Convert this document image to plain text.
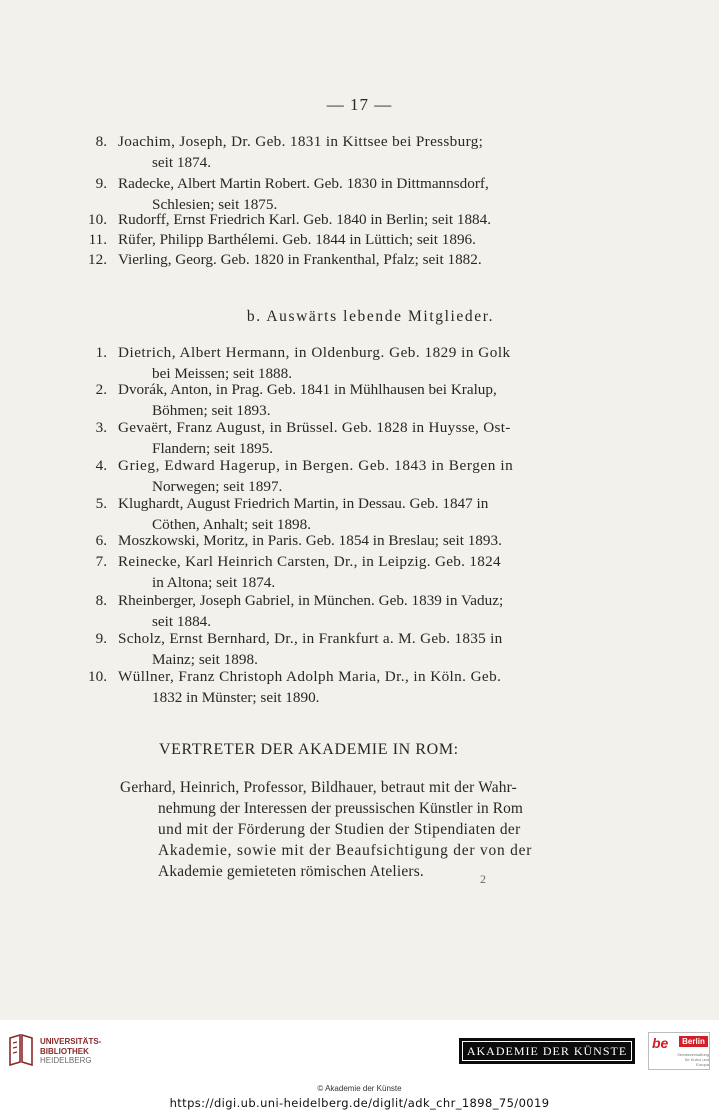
— 17 —
8. Joachim, Joseph, Dr. Geb. 1831 in Kittsee bei Pressburg;
seit 1874.
9. Radecke, Albert Martin Robert. Geb. 1830 in Dittmannsdorf,
Schlesien; seit 1875.
10. Rudorff, Ernst Friedrich Karl. Geb. 1840 in Berlin; seit 1884.
11. Rüfer, Philipp Barthélemi. Geb. 1844 in Lüttich; seit 1896.
12. Vierling, Georg. Geb. 1820 in Frankenthal, Pfalz; seit 1882.
b. Auswärts lebende Mitglieder.
1. Dietrich, Albert Hermann, in Oldenburg. Geb. 1829 in Golk
bei Meissen; seit 1888.
2. Dvorák, Anton, in Prag. Geb. 1841 in Mühlhausen bei Kralup,
Böhmen; seit 1893.
3. Gevaërt, Franz August, in Brüssel. Geb. 1828 in Huysse, Ost-
Flandern; seit 1895.
4. Grieg, Edward Hagerup, in Bergen. Geb. 1843 in Bergen in
Norwegen; seit 1897.
5. Klughardt, August Friedrich Martin, in Dessau. Geb. 1847 in
Cöthen, Anhalt; seit 1898.
6. Moszkowski, Moritz, in Paris. Geb. 1854 in Breslau; seit 1893.
7. Reinecke, Karl Heinrich Carsten, Dr., in Leipzig. Geb. 1824
in Altona; seit 1874.
8. Rheinberger, Joseph Gabriel, in München. Geb. 1839 in Vaduz;
seit 1884.
9. Scholz, Ernst Bernhard, Dr., in Frankfurt a. M. Geb. 1835 in
Mainz; seit 1898.
10. Wüllner, Franz Christoph Adolph Maria, Dr., in Köln. Geb.
1832 in Münster; seit 1890.
VERTRETER DER AKADEMIE IN ROM:
Gerhard, Heinrich, Professor, Bildhauer, betraut mit der Wahr-
nehmung der Interessen der preussischen Künstler in Rom
und mit der Förderung der Studien der Stipendiaten der
Akademie, sowie mit der Beaufsichtigung der von der
Akademie gemieteten römischen Ateliers.	2
UNIVERSITÄTS-
BIBLIOTHEK
HEIDELBERG
AKADEMIE DER KÜNSTE	be	Berlin
Senatsverwaltung
für Kultur und Europa
© Akademie der Künste
https://digi.ub.uni-heidelberg.de/diglit/adk_chr_1898_75/0019
